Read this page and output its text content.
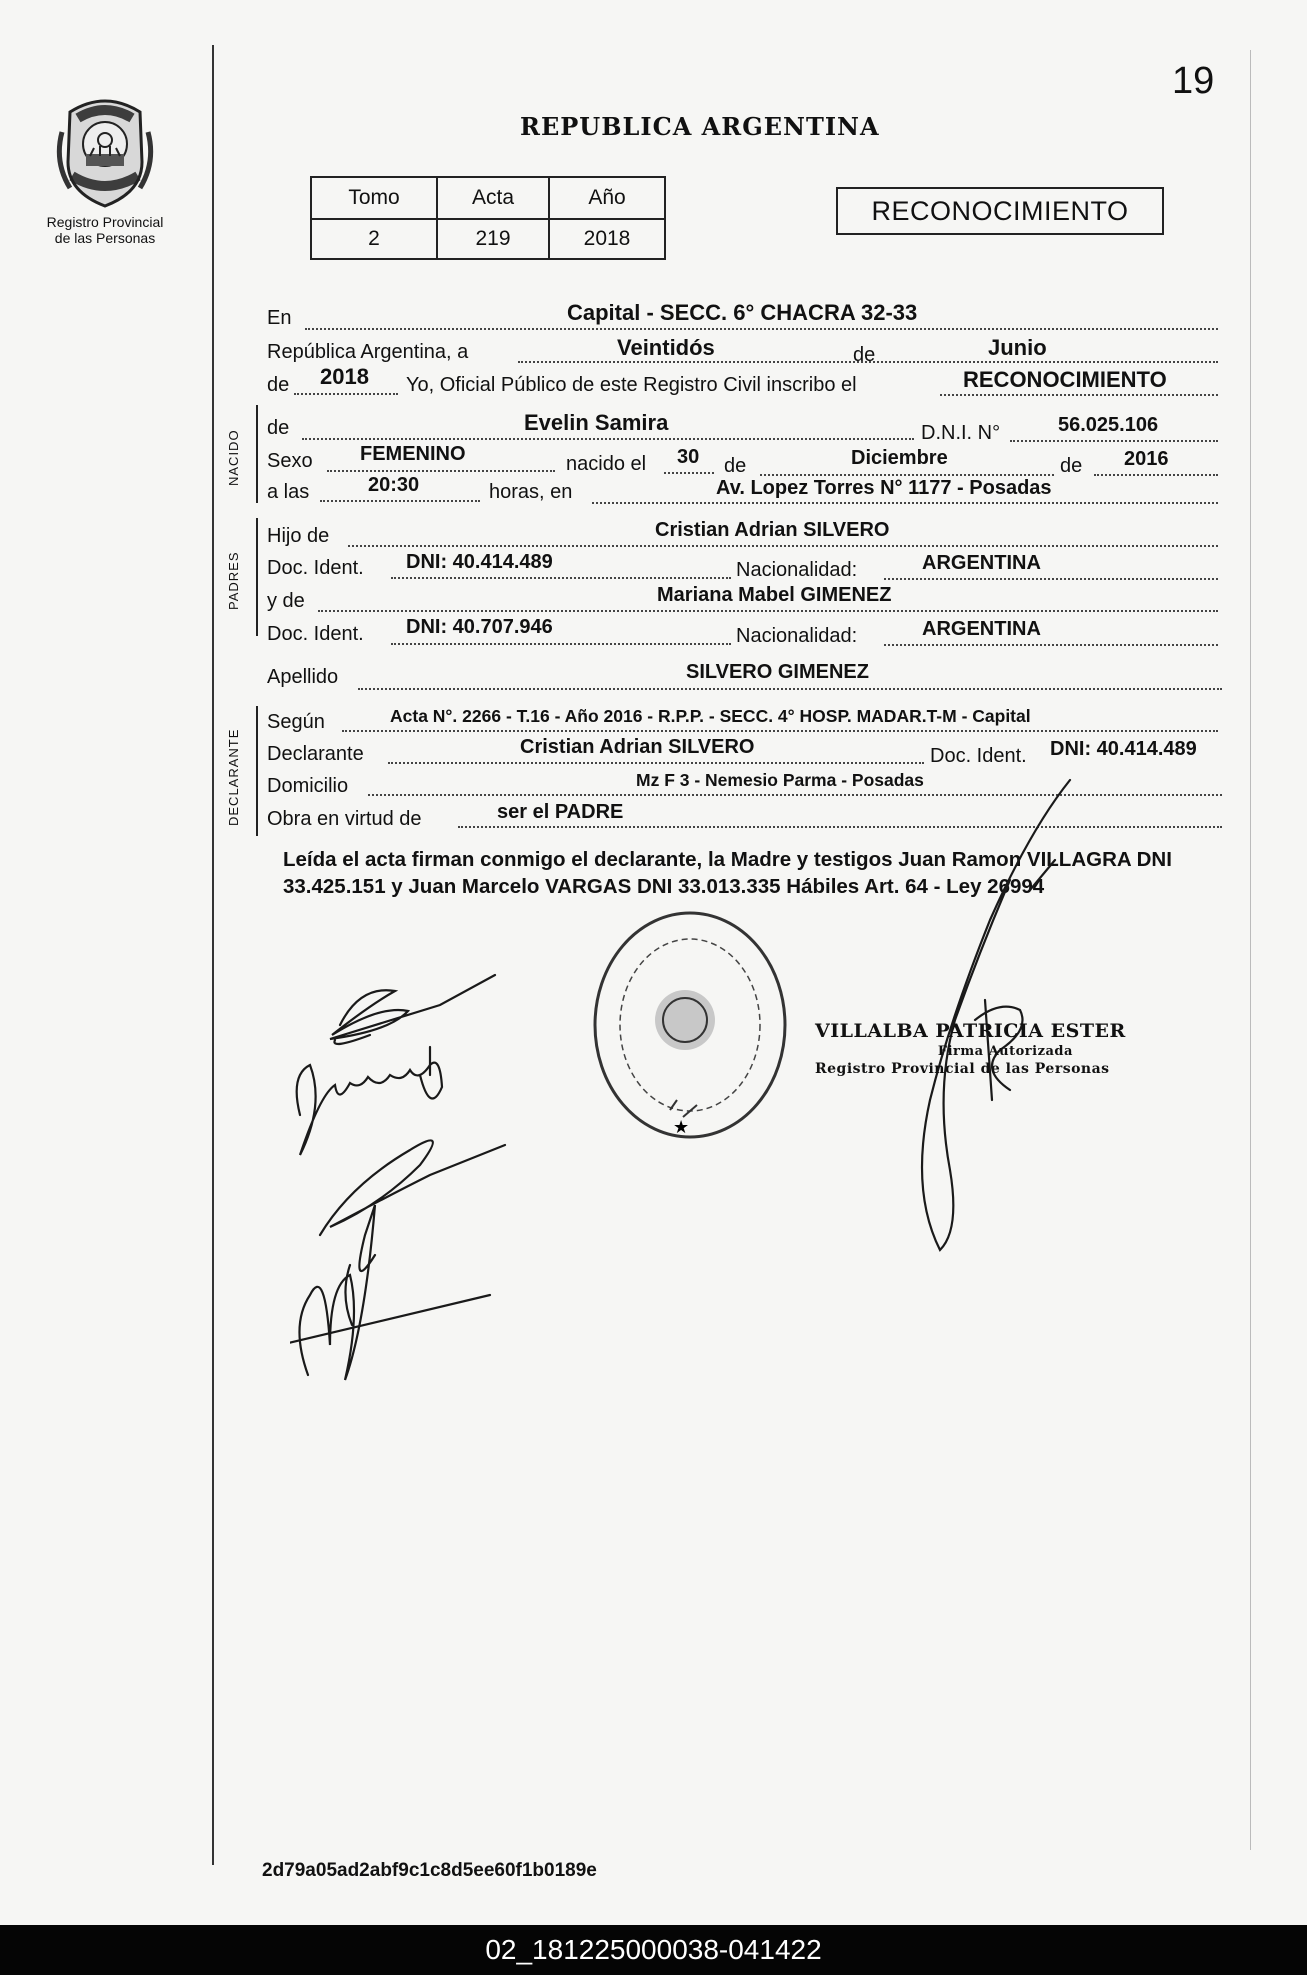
Registro Provincial
de las Personas
19
REPUBLICA ARGENTINA
Tomo	Acta	Año
2	219	2018
RECONOCIMIENTO
En	Capital - SECC. 6° CHACRA 32-33
República Argentina, a	Veintidós	de	Junio
de 2018 Yo, Oficial Público de este Registro Civil inscribo el	RECONOCIMIENTO
NACIDO
de	Evelin Samira	D.N.I. N°	56.025.106
Sexo FEMENINO	nacido el 30 de	Diciembre	de 2016
a las	20:30	horas, en	Av. Lopez Torres N° 1177 - Posadas
PADRES
Hijo de	Cristian Adrian SILVERO
Doc. Ident. DNI: 40.414.489	Nacionalidad:	ARGENTINA
y de	Mariana Mabel GIMENEZ
Doc. Ident. DNI: 40.707.946	Nacionalidad:	ARGENTINA
Apellido	SILVERO GIMENEZ
DECLARANTE
Según	Acta N°. 2266 - T.16 - Año 2016 - R.P.P. - SECC. 4° HOSP. MADAR.T-M - Capital
Declarante	Cristian Adrian SILVERO	Doc. Ident. DNI: 40.414.489
Domicilio	Mz F 3 - Nemesio Parma - Posadas
Obra en virtud de	ser el PADRE
Leída el acta firman conmigo el declarante, la Madre y testigos Juan Ramon VILLAGRA DNI 33.425.151 y Juan Marcelo VARGAS DNI 33.013.335 Hábiles Art. 64 - Ley 26994
★
VILLALBA PATRICIA ESTER
Firma Autorizada
Registro Provincial de las Personas
2d79a05ad2abf9c1c8d5ee60f1b0189e
02_181225000038-041422
